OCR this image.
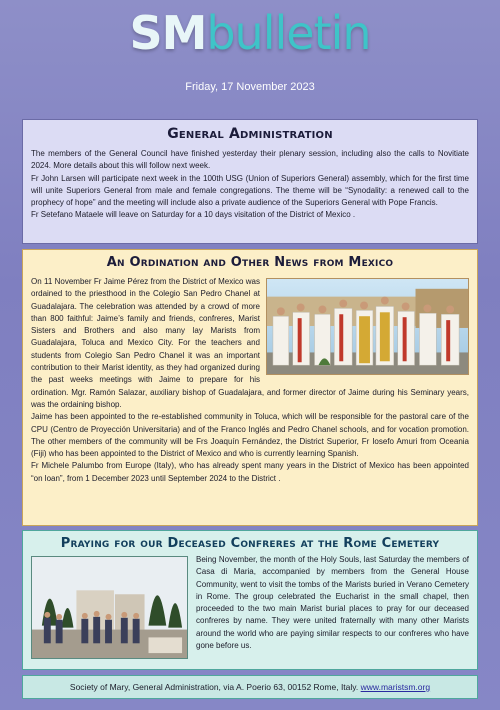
SMbulletin
Friday, 17 November 2023
General Administration

The members of the General Council have finished yesterday their plenary session, including also the calls to Novitiate 2024. More details about this will follow next week.

Fr John Larsen will participate next week in the 100th USG (Union of Superiors General) assembly, which for the first time will unite Superiors General from male and female congregations. The theme will be “Synodality: a renewed call to the prophecy of hope” and the meeting will include also a private audience of the Superiors General with Pope Francis.

Fr Setefano Mataele will leave on Saturday for a 10 days visitation of the District of Mexico .

An Ordination and Other News from Mexico

On 11 November Fr Jaime Pérez from the District of Mexico was ordained to the priesthood in the Colegio San Pedro Chanel at Guadalajara. The celebration was attended by a crowd of more than 800 faithful: Jaime’s family and friends, confreres, Marist Sisters and Brothers and also many lay Marists from Guadalajara, Toluca and Mexico City. For the teachers and students from Colegio San Pedro Chanel it was an important contribution to their Marist identity, as they had organized during the past weeks meetings with Jaime to prepare for his ordination. Mgr. Ramón Salazar, auxiliary bishop of Guadalajara, and former director of Jaime during his Seminary years, was the ordaining bishop.

Jaime has been appointed to the re-established community in Toluca, which will be responsible for the pastoral care of the CPU (Centro de Proyección Universitaria) and of the Franco Inglés and Pedro Chanel schools, and for vocation promotion. The other members of the community will be Frs Joaquín Fernández, the District Superior, Fr Iosefo Amuri from Oceania (Fiji) who has been appointed to the District of Mexico and who is currently learning Spanish.

Fr Michele Palumbo from Europe (Italy), who has already spent many years in the District of Mexico has been appointed “on loan”, from 1 December 2023 until September 2024 to the District .

Praying for our Deceased Confreres at the Rome Cemetery

Being November, the month of the Holy Souls, last Saturday the members of Casa di Maria, accompanied by members from the General House Community, went to visit the tombs of the Marists buried in Verano Cemetery in Rome. The group celebrated the Eucharist in the small chapel, then proceeded to the two main Marist burial places to pray for our deceased confreres by name. They were united fraternally with many other Marists around the world who are paying similar respects to our confreres who have gone before us.

Society of Mary, General Administration, via A. Poerio 63, 00152 Rome, Italy. www.maristsm.org
